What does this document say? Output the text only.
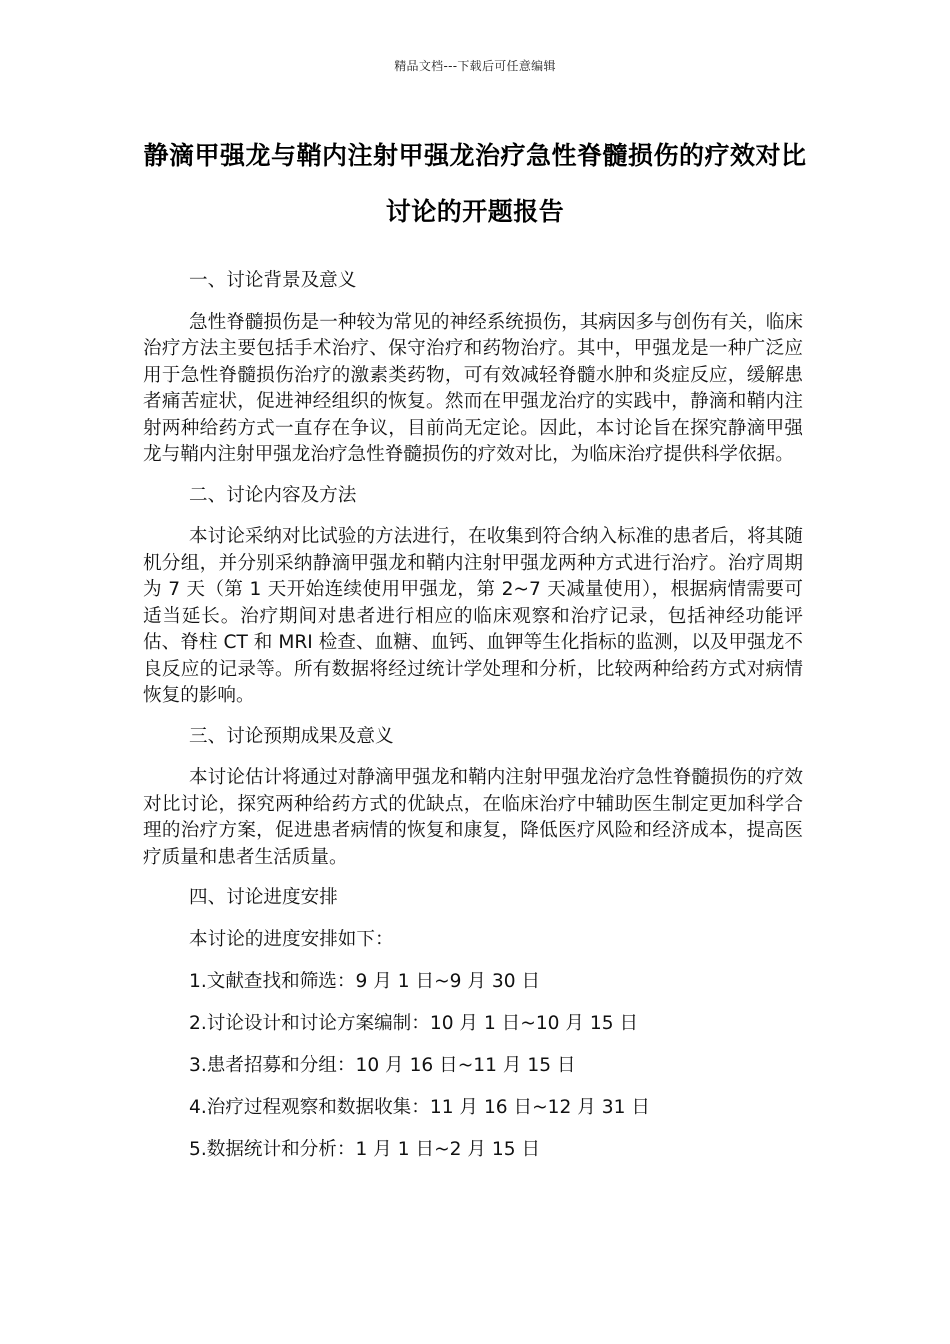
精品文档---下载后可任意编辑
静滴甲强龙与鞘内注射甲强龙治疗急性脊髓损伤的疗效对比讨论的开题报告
一、讨论背景及意义
急性脊髓损伤是一种较为常见的神经系统损伤，其病因多与创伤有关，临床治疗方法主要包括手术治疗、保守治疗和药物治疗。其中，甲强龙是一种广泛应用于急性脊髓损伤治疗的激素类药物，可有效减轻脊髓水肿和炎症反应，缓解患者痛苦症状，促进神经组织的恢复。然而在甲强龙治疗的实践中，静滴和鞘内注射两种给药方式一直存在争议，目前尚无定论。因此，本讨论旨在探究静滴甲强龙与鞘内注射甲强龙治疗急性脊髓损伤的疗效对比，为临床治疗提供科学依据。
二、讨论内容及方法
本讨论采纳对比试验的方法进行，在收集到符合纳入标准的患者后，将其随机分组，并分别采纳静滴甲强龙和鞘内注射甲强龙两种方式进行治疗。治疗周期为 7 天（第 1 天开始连续使用甲强龙，第 2~7 天减量使用），根据病情需要可适当延长。治疗期间对患者进行相应的临床观察和治疗记录，包括神经功能评估、脊柱 CT 和 MRI 检查、血糖、血钙、血钾等生化指标的监测，以及甲强龙不良反应的记录等。所有数据将经过统计学处理和分析，比较两种给药方式对病情恢复的影响。
三、讨论预期成果及意义
本讨论估计将通过对静滴甲强龙和鞘内注射甲强龙治疗急性脊髓损伤的疗效对比讨论，探究两种给药方式的优缺点，在临床治疗中辅助医生制定更加科学合理的治疗方案，促进患者病情的恢复和康复，降低医疗风险和经济成本，提高医疗质量和患者生活质量。
四、讨论进度安排
本讨论的进度安排如下：
1.文献查找和筛选：9 月 1 日~9 月 30 日
2.讨论设计和讨论方案编制：10 月 1 日~10 月 15 日
3.患者招募和分组：10 月 16 日~11 月 15 日
4.治疗过程观察和数据收集：11 月 16 日~12 月 31 日
5.数据统计和分析：1 月 1 日~2 月 15 日
